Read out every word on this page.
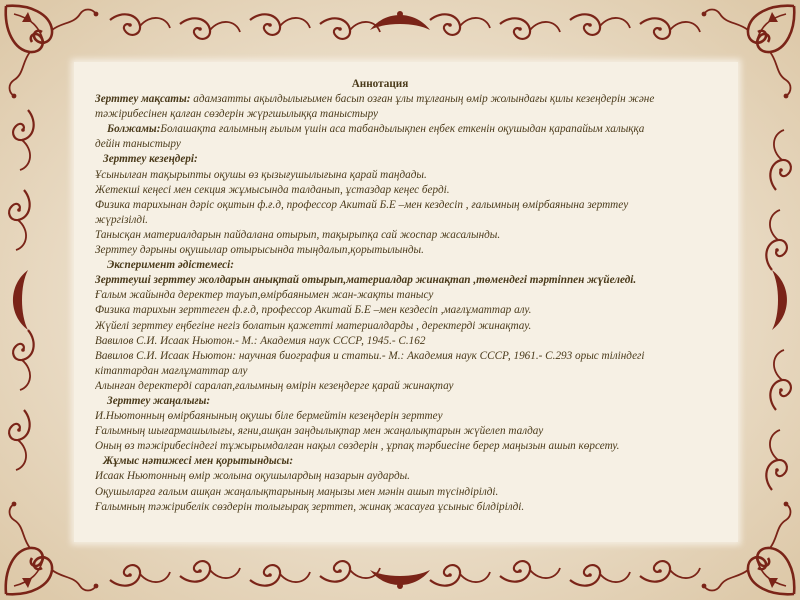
Аннотация
Зерттеу мақсаты: адамзатты ақылдылығымен басып озған ұлы тұлғаның өмір жолындағы қилы кезеңдерін және
тәжірибесінен қалған сөздерін жүргшылыққа таныстыру
Болжамы:Болашақта ғалымның ғылым үшін аса табандылықпен еңбек еткенін оқушыдан қарапайым халыққа
дейін таныстыру
Зерттеу кезеңдері:
Ұсынылған тақырыпты оқушы өз қызығушылығына қарай таңдады.
Жетекші кеңесі мен секция жұмысында талданып, ұстаздар кеңес берді.
Физика тарихынан дәріс оқитын ф.ғ.д, профессор Акитай Б.Е –мен кездесіп , ғалымның өмірбаянына зерттеу
жүргізілді.
Танысқан материалдарын пайдалана отырып, тақырыпқа сай жоспар жасалынды.
Зерттеу дәрыны оқушылар отырысында тыңдалып,қорытылынды.
Эксперимент әдістемесі:
Зерттеуші зерттеу жолдарын анықтай отырып,материалдар жинақтап ,төмендегі тәртіппен жүйеледі.
Ғалым жайында деректер тауып,өмірбаянымен жан-жақты танысу
Физика тарихын зерттеген ф.ғ.д, профессор Акитай Б.Е –мен кездесіп ,мағлұматтар алу.
Жүйелі зерттеу еңбегіне негіз болатын қажетті материалдарды , деректерді жинақтау.
Вавилов С.И. Исаак Ньютон.- М.: Академия наук СССР, 1945.- С.162
Вавилов С.И. Исаак Ньютон: научная биография и статьи.- М.: Академия наук СССР, 1961.- С.293 орыс тіліндегі
кітаптардан мағлұматтар алу
Алынған деректерді саралап,ғалымның өмірін кезеңдерге қарай жинақтау
Зерттеу жаңалығы:
И.Ньютонның өмірбаянының оқушы біле бермейтін кезеңдерін зерттеу
Ғалымның шығармашылығы, ягни,ашқан заңдылықтар мен жаңалықтарын жүйелеп талдау
Оның өз тәжірибесіндегі тұжырымдалған нақыл сөздерін , ұрпақ тәрбиесіне берер маңызын ашып көрсету.
Жұмыс нәтижесі мен қорытындысы:
Исаак Ньютонның өмір жолына оқушылардың назарын аударды.
Оқушыларға ғалым ашқан жаңалықтарының маңызы мен мәнін ашып түсіндірілді.
Ғалымның тәжірибелік сөздерін толығырақ зерттеп, жинақ жасауға ұсыныс білдірілді.
